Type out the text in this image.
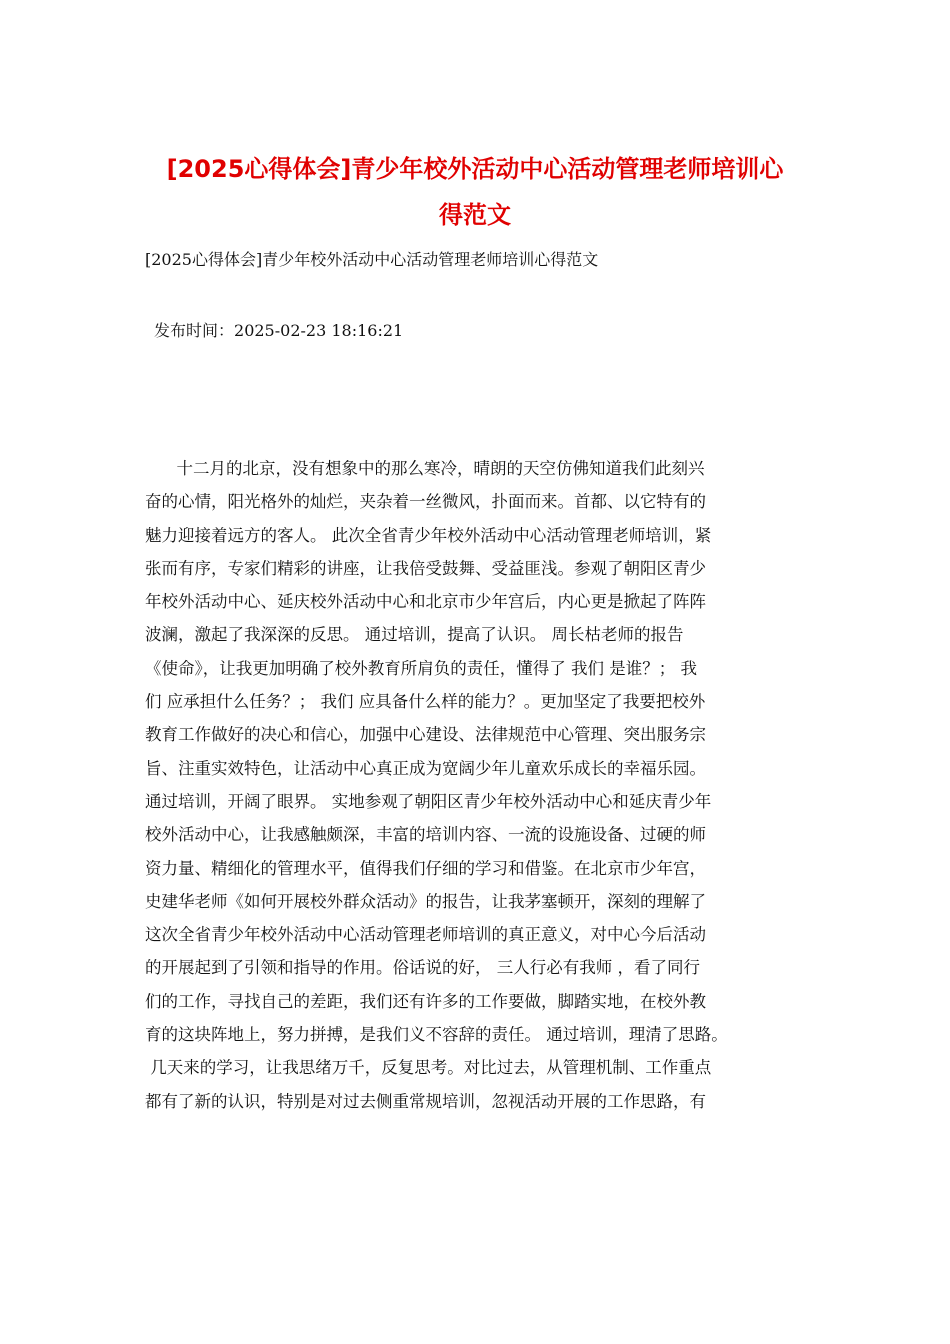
[2025心得体会]青少年校外活动中心活动管理老师培训心
得范文
[2025心得体会]青少年校外活动中心活动管理老师培训心得范文
发布时间：2025-02-23 18:16:21
十二月的北京，没有想象中的那么寒冷，晴朗的天空仿佛知道我们此刻兴
奋的心情，阳光格外的灿烂，夹杂着一丝微风，扑面而来。首都、以它特有的
魅力迎接着远方的客人。 此次全省青少年校外活动中心活动管理老师培训，紧
张而有序，专家们精彩的讲座，让我倍受鼓舞、受益匪浅。参观了朝阳区青少
年校外活动中心、延庆校外活动中心和北京市少年宫后，内心更是掀起了阵阵
波澜，激起了我深深的反思。 通过培训，提高了认识。 周长枯老师的报告
《使命》，让我更加明确了校外教育所肩负的责任，懂得了 我们 是谁？； 我
们 应承担什么任务？； 我们 应具备什么样的能力？。更加坚定了我要把校外
教育工作做好的决心和信心，加强中心建设、法律规范中心管理、突出服务宗
旨、注重实效特色，让活动中心真正成为宽阔少年儿童欢乐成长的幸福乐园。
通过培训，开阔了眼界。 实地参观了朝阳区青少年校外活动中心和延庆青少年
校外活动中心，让我感触颇深，丰富的培训内容、一流的设施设备、过硬的师
资力量、精细化的管理水平，值得我们仔细的学习和借鉴。在北京市少年宫，
史建华老师《如何开展校外群众活动》的报告，让我茅塞顿开，深刻的理解了
这次全省青少年校外活动中心活动管理老师培训的真正意义，对中心今后活动
的开展起到了引领和指导的作用。俗话说的好， 三人行必有我师 ，看了同行
们的工作，寻找自己的差距，我们还有许多的工作要做，脚踏实地，在校外教
育的这块阵地上，努力拼搏，是我们义不容辞的责任。 通过培训，理清了思路。
几天来的学习，让我思绪万千，反复思考。对比过去，从管理机制、工作重点
都有了新的认识，特别是对过去侧重常规培训，忽视活动开展的工作思路，有
